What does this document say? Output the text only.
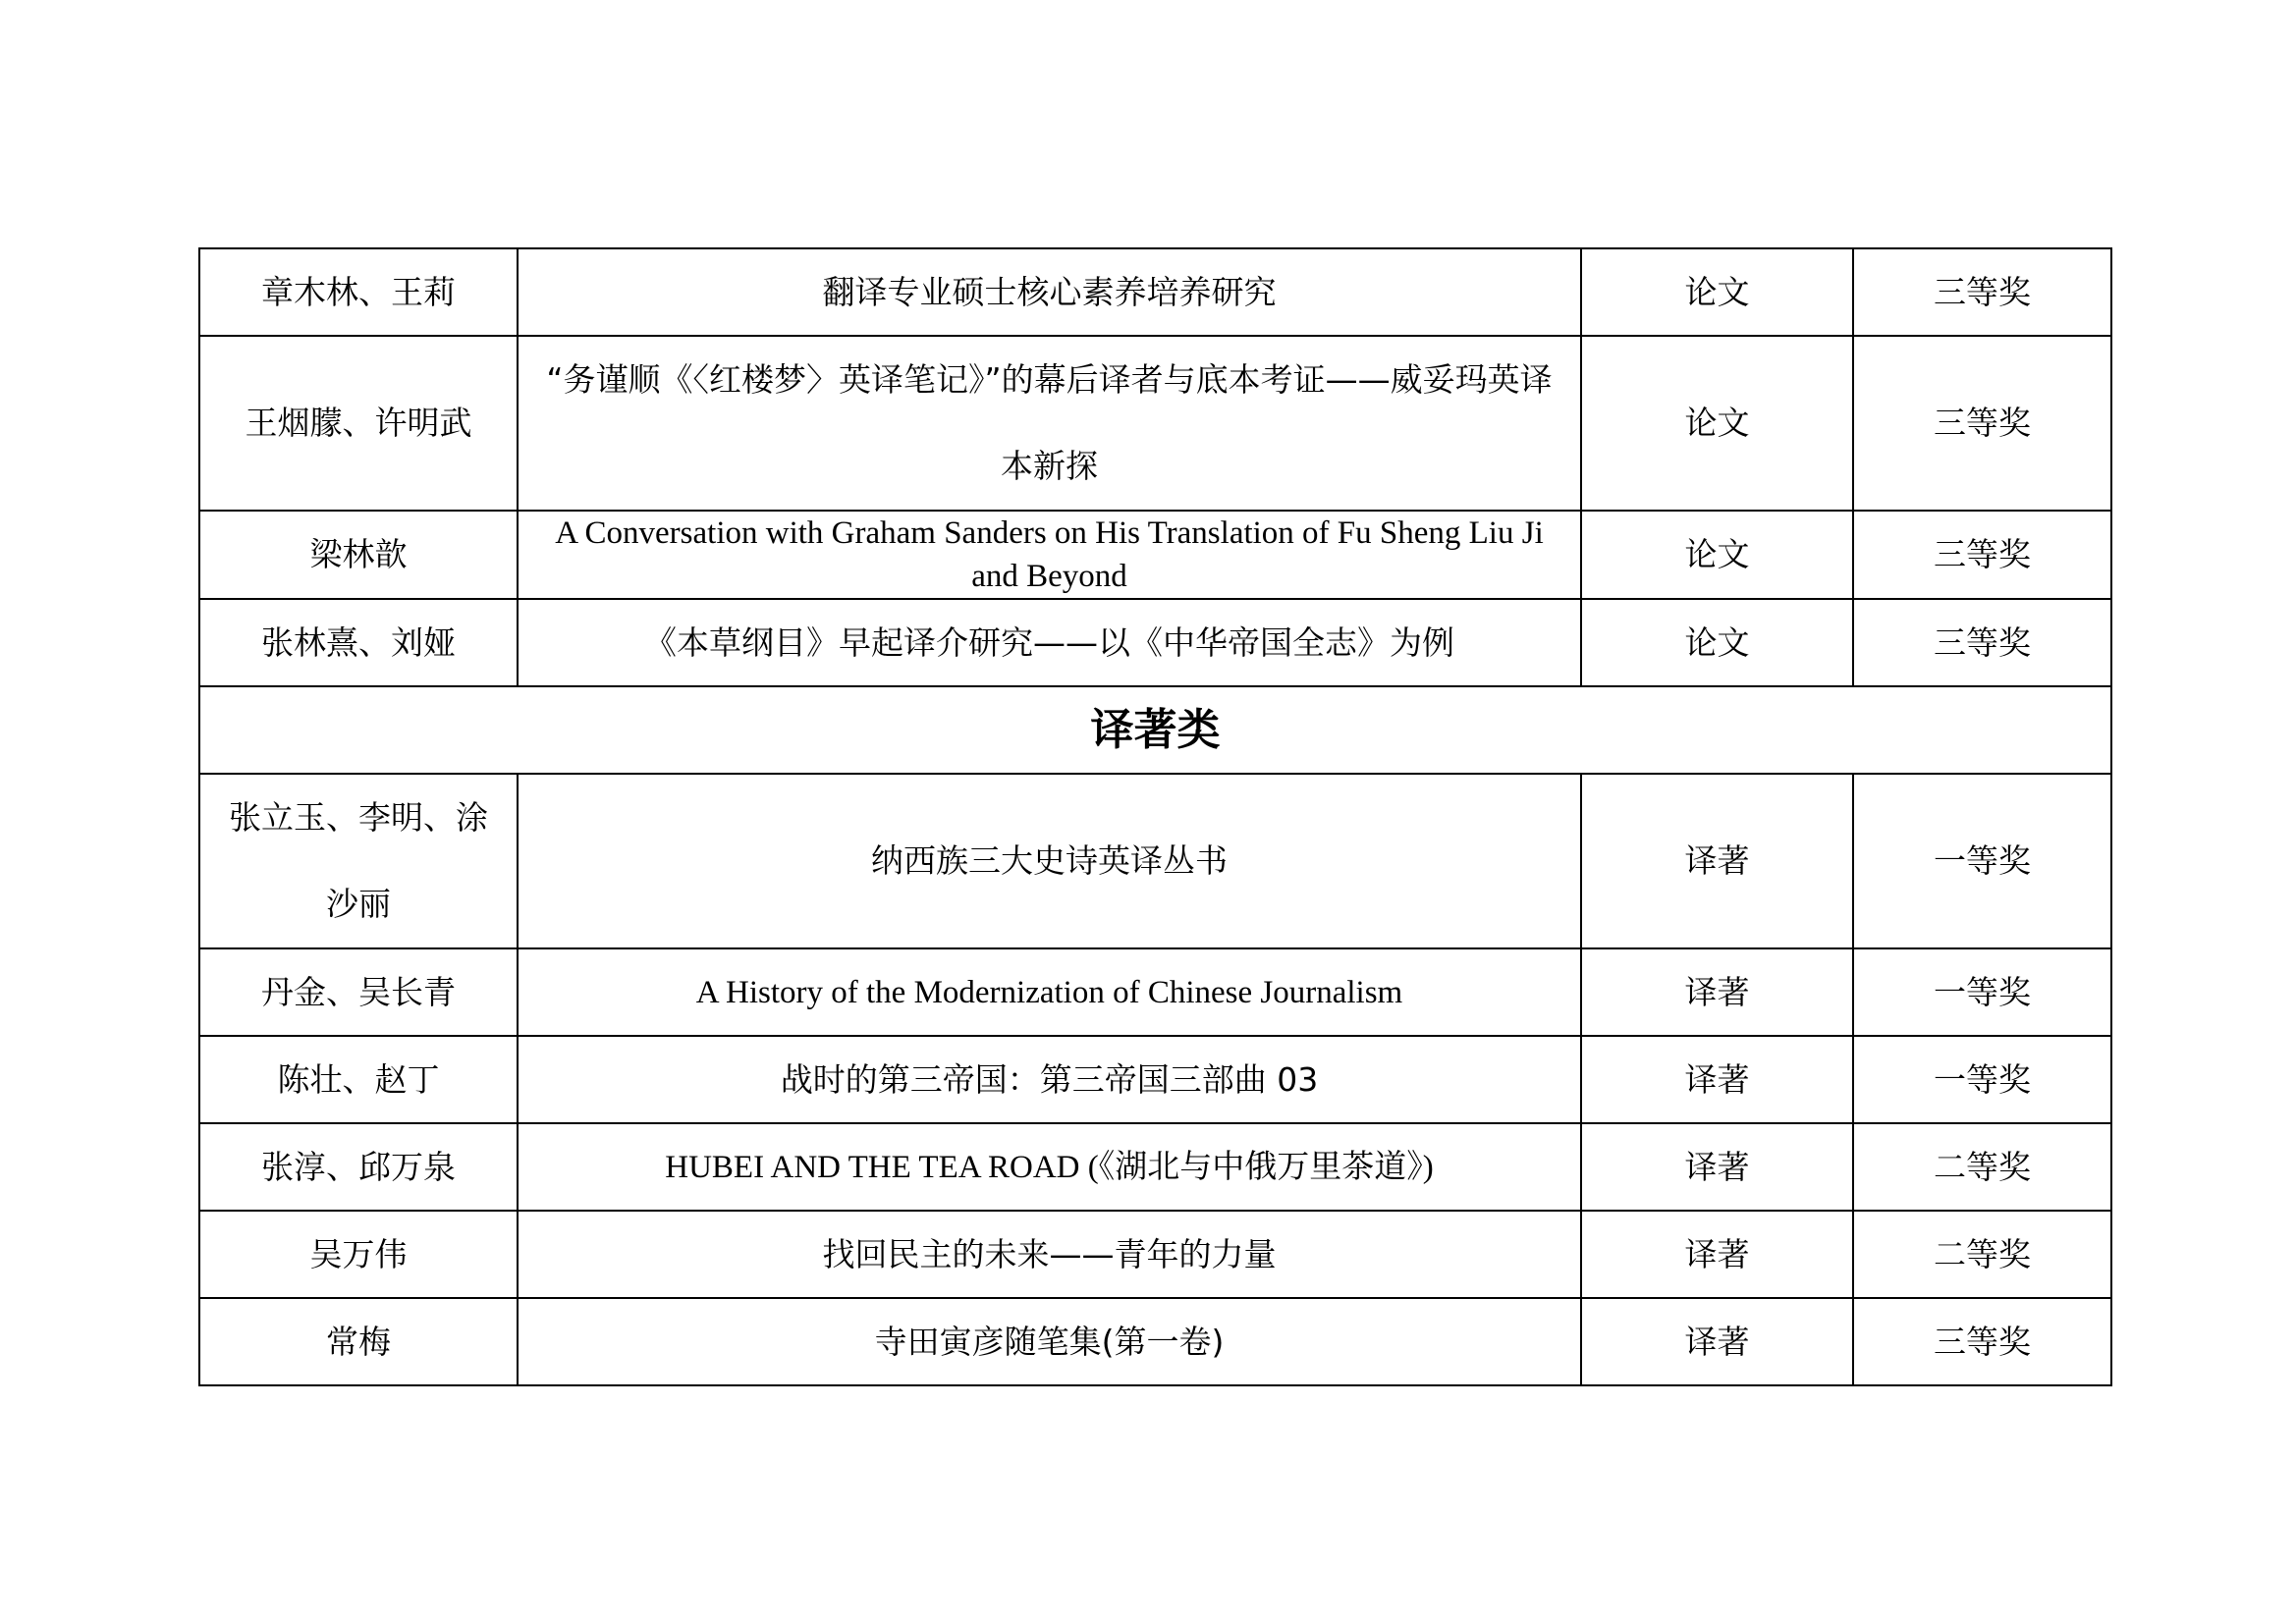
章木林、王莉	翻译专业硕士核心素养培养研究	论文	三等奖
王烟朦、许明武	“务谨顺《〈红楼梦〉英译笔记》”的幕后译者与底本考证——威妥玛英译本新探	论文	三等奖
梁林歆	A Conversation with Graham Sanders on His Translation of Fu Sheng Liu Ji and Beyond	论文	三等奖
张林熹、刘娅	《本草纲目》早起译介研究——以《中华帝国全志》为例	论文	三等奖
译著类			
张立玉、李明、涂沙丽	纳西族三大史诗英译丛书	译著	一等奖
丹金、吴长青	A History of the Modernization of Chinese Journalism	译著	一等奖
陈壮、赵丁	战时的第三帝国：第三帝国三部曲 03	译著	一等奖
张淳、邱万泉	HUBEI AND THE TEA ROAD (《湖北与中俄万里茶道》)	译著	二等奖
吴万伟	找回民主的未来——青年的力量	译著	二等奖
常梅	寺田寅彦随笔集(第一卷)	译著	三等奖
